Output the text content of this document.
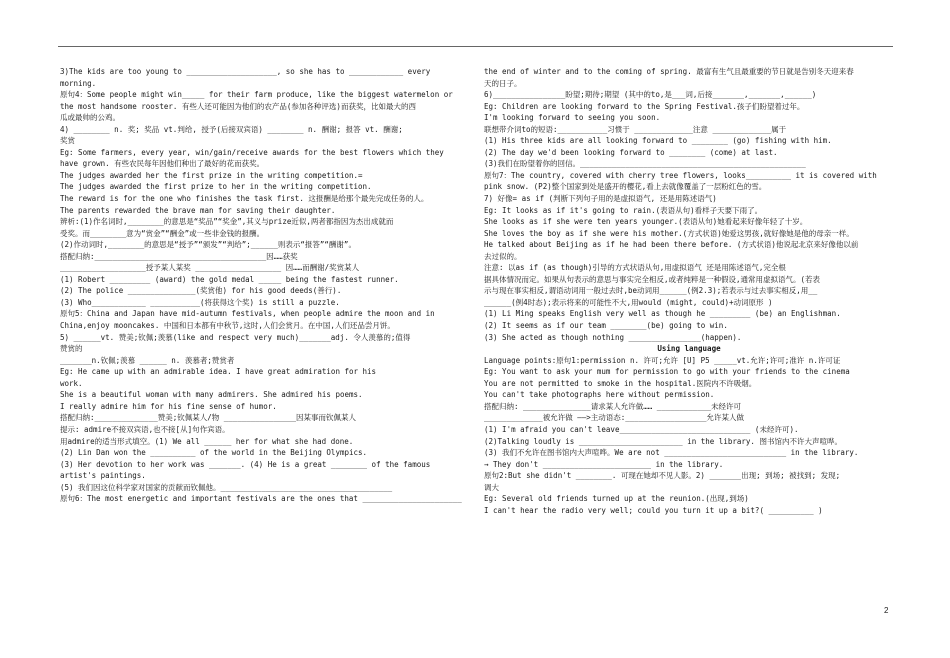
3)The kids are too young to ____________________, so she has to ____________ every
morning.
原句4：Some people might win_____ for their farm produce, like the biggest watermelon or
the most handsome rooster. 有些人还可能因为他们的农产品(参加各种评选)而获奖，比如最大的西
瓜或最帅的公鸡。
4) ________ n. 奖; 奖品 vt.判给, 授予(后接双宾语) ________ n. 酬谢; 报答 vt. 酬谢;
奖赏
Eg: Some farmers, every year, win/gain/receive awards for the best flowers which they
have grown. 有些农民每年因他们种出了最好的花而获奖。
The judges awarded her the first prize in the writing competition.=
The judges awarded the first prize to her in the writing competition.
The reward is for the one who finishes the task first. 这报酬是给那个最先完成任务的人。
The parents rewarded the brave man for saving their daughter.
辨析:(1)作名词时,________的意思是“奖品”“奖金”,其义与prize近似,两者都指因为杰出成就而
受奖。而________意为“赏金”“酬金”或一些非金钱的报酬。
(2)作动词时,________的意思是“授予”“颁发”“判给”;______则表示“报答”“酬谢”。
搭配归纳:______________________________________因……获奖
___________________授予某人某奖 ___________________ 因……而酬谢/奖赏某人
(1) Robert _________ (award) the gold medal _____ being the fastest runner.
(2) The police _______________(奖赏他) for his good deeds(善行).
(3) Who____________ ___________(将获得这个奖) is still a puzzle.
原句5：China and Japan have mid-autumn festivals, when people admire the moon and in
China,enjoy mooncakes. 中国和日本都有中秋节,这时,人们会赏月。在中国,人们还品尝月饼。
5) ______vt. 赞美;钦佩;羡慕(like and respect very much)_______adj. 令人羡慕的;值得
赞赏的
_______n.钦佩;羡慕 ______ n. 羡慕者;赞赏者
Eg: He came up with an admirable idea. I have great admiration for his
work.
She is a beautiful woman with many admirers. She admired his poems.
I really admire him for his fine sense of humor.
搭配归纳:______________赞美;钦佩某人/物 ________________因某事而钦佩某人
提示: admire不接双宾语,也不接[从]句作宾语。
用admire的适当形式填空。(1) We all ______ her for what she had done.
(2) Lin Dan won the __________ of the world in the Beijing Olympics.
(3) Her devotion to her work was _______. (4) He is a great ________ of the famous
artist's paintings.
(5) 我们因这位科学家对国家的贡献而钦佩他。______________________________________
原句6：The most energetic and important festivals are the ones that ______________________
the end of winter and to the coming of spring. 最富有生气且最重要的节日就是告别冬天迎来春
天的日子。
6)________________盼望;期待;期望 (其中的to,是___词,后接_______,_______,______)
Eg: Children are looking forward to the Spring Festival.孩子们盼望着过年。
I'm looking forward to seeing you soon.
联想带介词to的短语:___________习惯于 _____________注意 _____________属于
(1) His three kids are all looking forward to ________ (go) fishing with him.
(2) The day we'd been looking forward to ________ (come) at last.
(3)我们在盼望着你的回信。__________________________________________________
原句7：The country, covered with cherry tree flowers, looks__________ it is covered with
pink snow. (P2)整个国家到处是盛开的樱花,看上去就像覆盖了一层粉红色的雪。
7) 好像= as if (判断下列句子用的是虚拟语气, 还是用陈述语气)
Eg: It looks as if it's going to rain.(表语从句)看样子天要下雨了。
She looks as if she were ten years younger.(表语从句)她看起来好像年轻了十岁。
She loves the boy as if she were his mother.(方式状语)她爱这男孩,就好像她是他的母亲一样。
He talked about Beijing as if he had been there before. (方式状语)他说起北京来好像他以前
去过似的。
注意: 以as if (as though)引导的方式状语从句,用虚拟语气 还是用陈述语气,完全根
据具体情况而定。如果从句表示的意思与事实完全相反,或者纯粹是一种假设,通常用虚拟语气。(若表
示与现在事实相反,谓语动词用一般过去时,be动词用______(例2.3);若表示与过去事实相反,用__
______(例4时态);表示将来的可能性不大,用would (might, could)+动词原形 )
(1) Li Ming speaks English very well as though he _________ (be) an Englishman.
(2) It seems as if our team ________(be) going to win.
(3) She acted as though nothing ________________(happen).
Using language
Language points:原句1:permission n. 许可;允许 [U] P5 _____vt.允许;许可;准许 n.许可证
Eg: You want to ask your mum for permission to go with your friends to the cinema
You are not permitted to smoke in the hospital.医院内不许吸烟。
You can't take photographs here without permission.
搭配归纳: _______________请求某人允许做…… ____________未经许可
_____________被允许做 ——>主动语态:__________________允许某人做
(1) I'm afraid you can't leave_____________________________ (未经许可).
(2)Talking loudly is _______________________ in the library. 图书馆内不许大声喧哗。
(3) 我们不允许在图书馆内大声喧哗。We are not ___________________________ in the library.
→ They don't ________________________ in the library.
原句2:But she didn't ________. 可现在她却不见人影。2) _______出现; 到场; 被找到; 发现;
调大
Eg: Several old friends turned up at the reunion.(出现,到场)
I can't hear the radio very well; could you turn it up a bit?( __________ )
2
